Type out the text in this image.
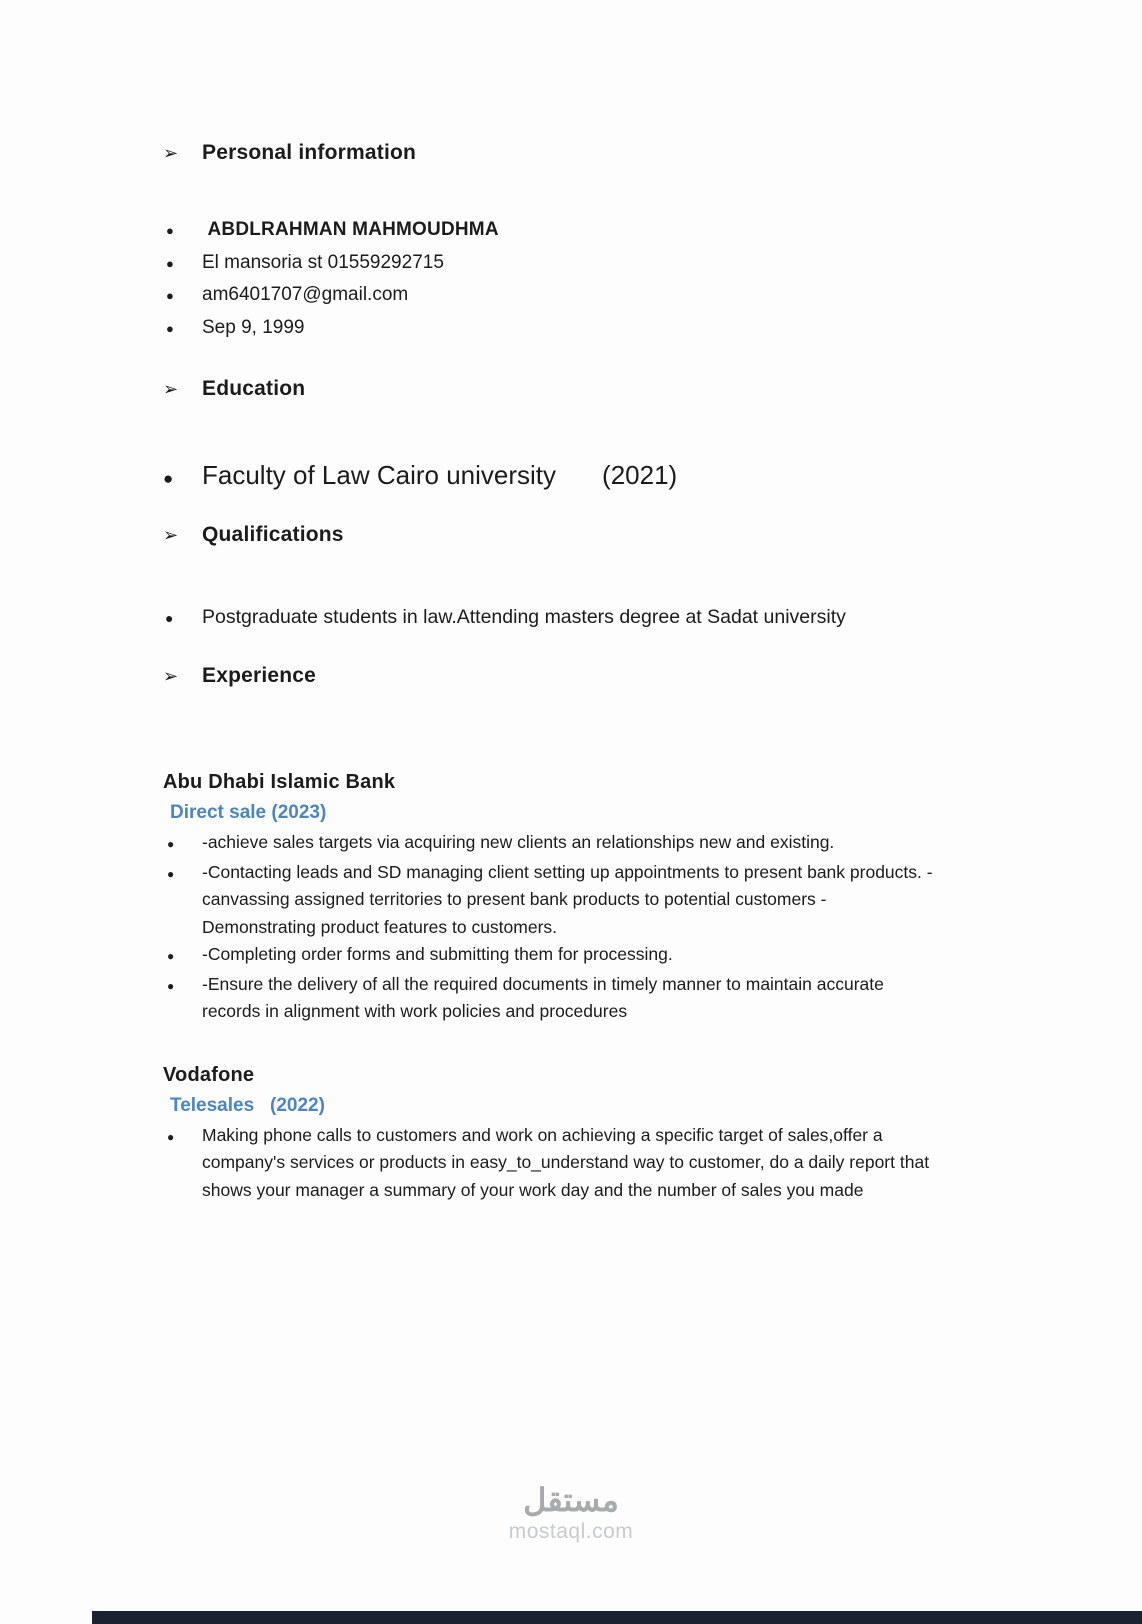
➢	Personal information
●	ABDLRAHMAN MAHMOUDHMA
●	El mansoria st 01559292715
●	am6401707@gmail.com
●	Sep 9, 1999
➢	Education
●	Faculty of Law Cairo university (2021)
➢	Qualifications
●	Postgraduate students in law.Attending masters degree at Sadat university
➢	Experience
Abu Dhabi Islamic Bank
Direct sale (2023)
●	-achieve sales targets via acquiring new clients an relationships new and existing.
●	-Contacting leads and SD managing client setting up appointments to present bank products. -canvassing assigned territories to present bank products to potential customers -Demonstrating product features to customers.
●	-Completing order forms and submitting them for processing.
●	-Ensure the delivery of all the required documents in timely manner to maintain accurate records in alignment with work policies and procedures
Vodafone
Telesales   (2022)
●	Making phone calls to customers and work on achieving a specific target of sales,offer a company's services or products in easy_to_understand way to customer, do a daily report that shows your manager a summary of your work day and the number of sales you made
مستقل
mostaql.com
